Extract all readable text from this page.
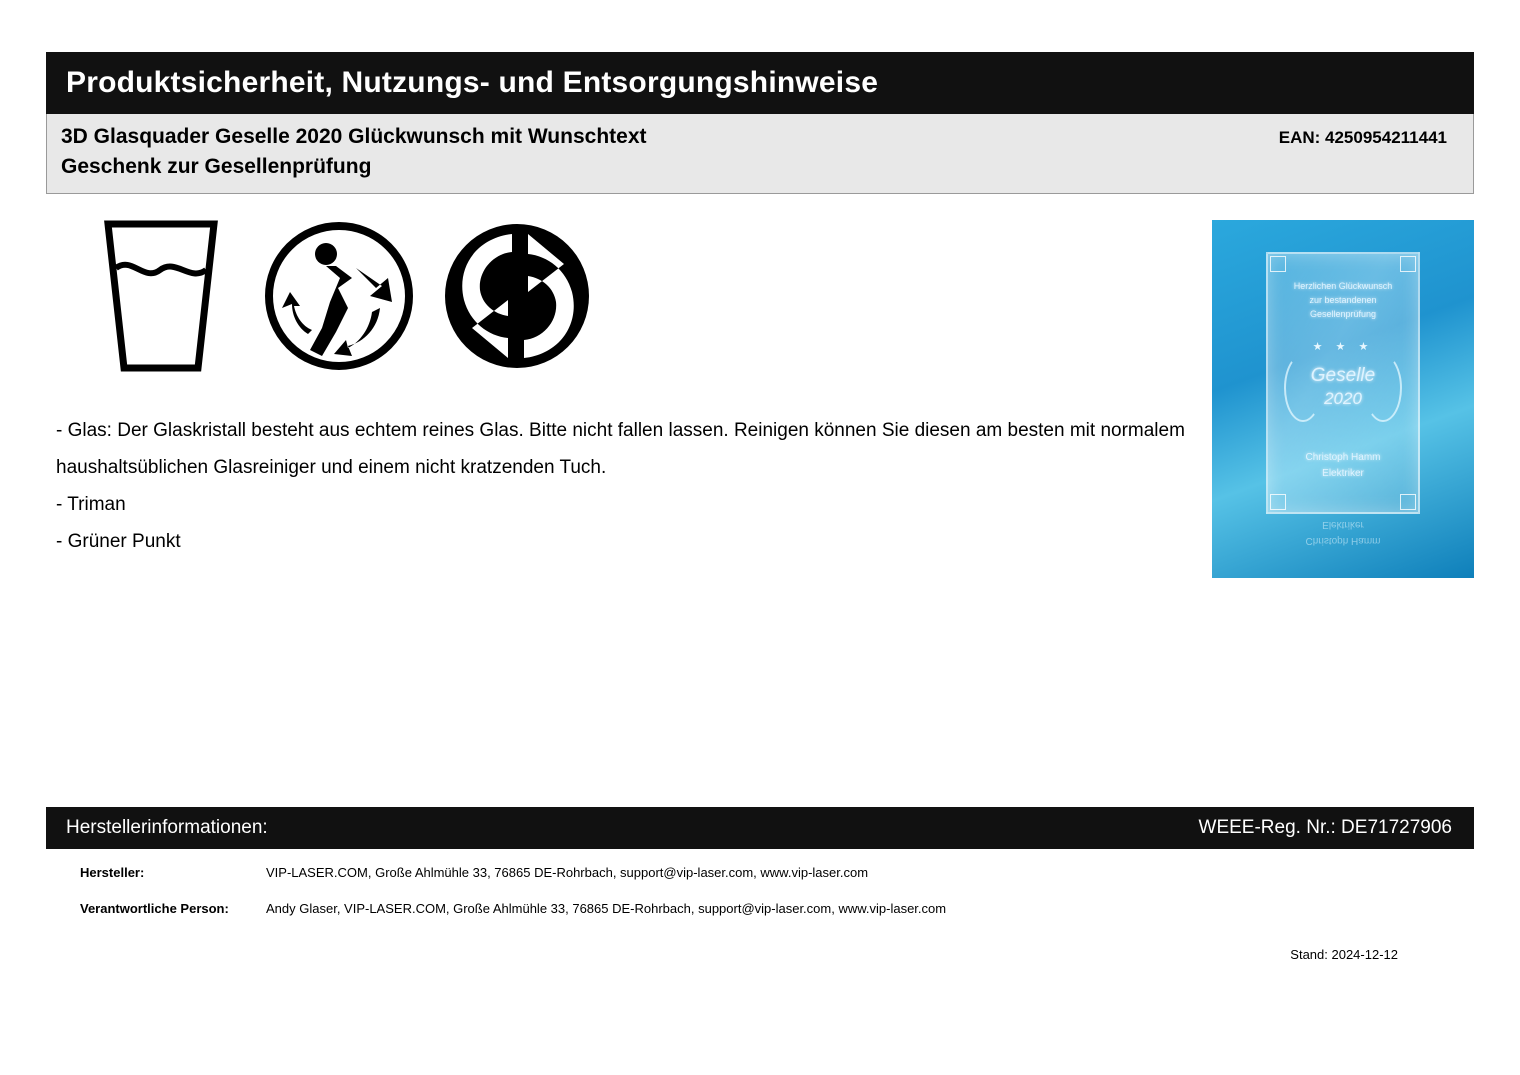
Produktsicherheit, Nutzungs- und Entsorgungshinweise
3D Glasquader Geselle 2020 Glückwunsch mit Wunschtext
Geschenk zur Gesellenprüfung
EAN: 4250954211441
Herzlichen Glückwunsch
zur bestandenen
Gesellenprüfung
★ ★ ★
Geselle
2020
Christoph Hamm
Elektriker
Elektriker
Christoph Hamm

- Glas: Der Glaskristall besteht aus echtem reines Glas. Bitte nicht fallen lassen. Reinigen können Sie diesen am besten mit normalem

haushaltsüblichen Glasreiniger und einem nicht kratzenden Tuch.

- Triman

- Grüner Punkt

Herstellerinformationen:	WEEE-Reg. Nr.: DE71727906
Hersteller:	VIP-LASER.COM, Große Ahlmühle 33, 76865 DE-Rohrbach, support@vip-laser.com, www.vip-laser.com
Verantwortliche Person:	Andy Glaser, VIP-LASER.COM, Große Ahlmühle 33, 76865 DE-Rohrbach, support@vip-laser.com, www.vip-laser.com
Stand: 2024-12-12
